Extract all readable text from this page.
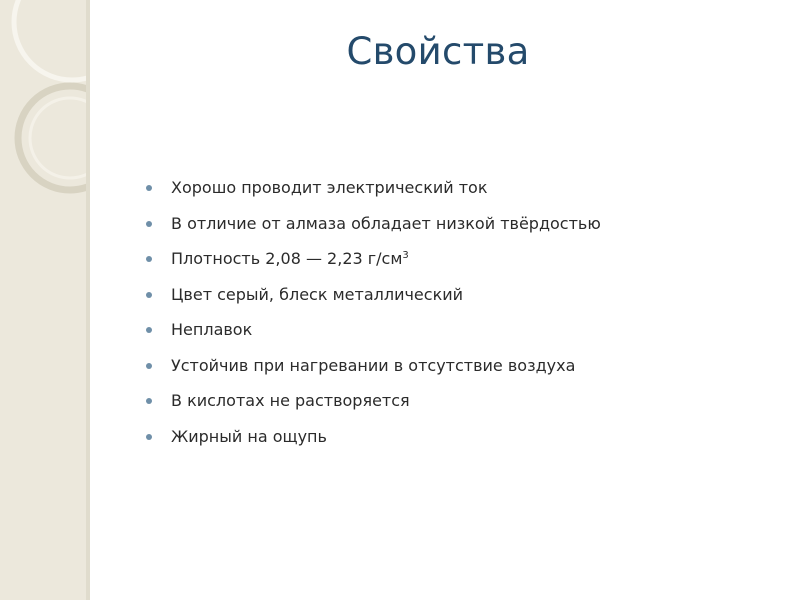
Свойства
Хорошо проводит электрический ток
В отличие от алмаза обладает низкой твёрдостью
Плотность 2,08 — 2,23 $г/см^3$
Цвет серый, блеск металлический
Неплавок
Устойчив при нагревании в отсутствие воздуха
В кислотах не растворяется
Жирный на ощупь
